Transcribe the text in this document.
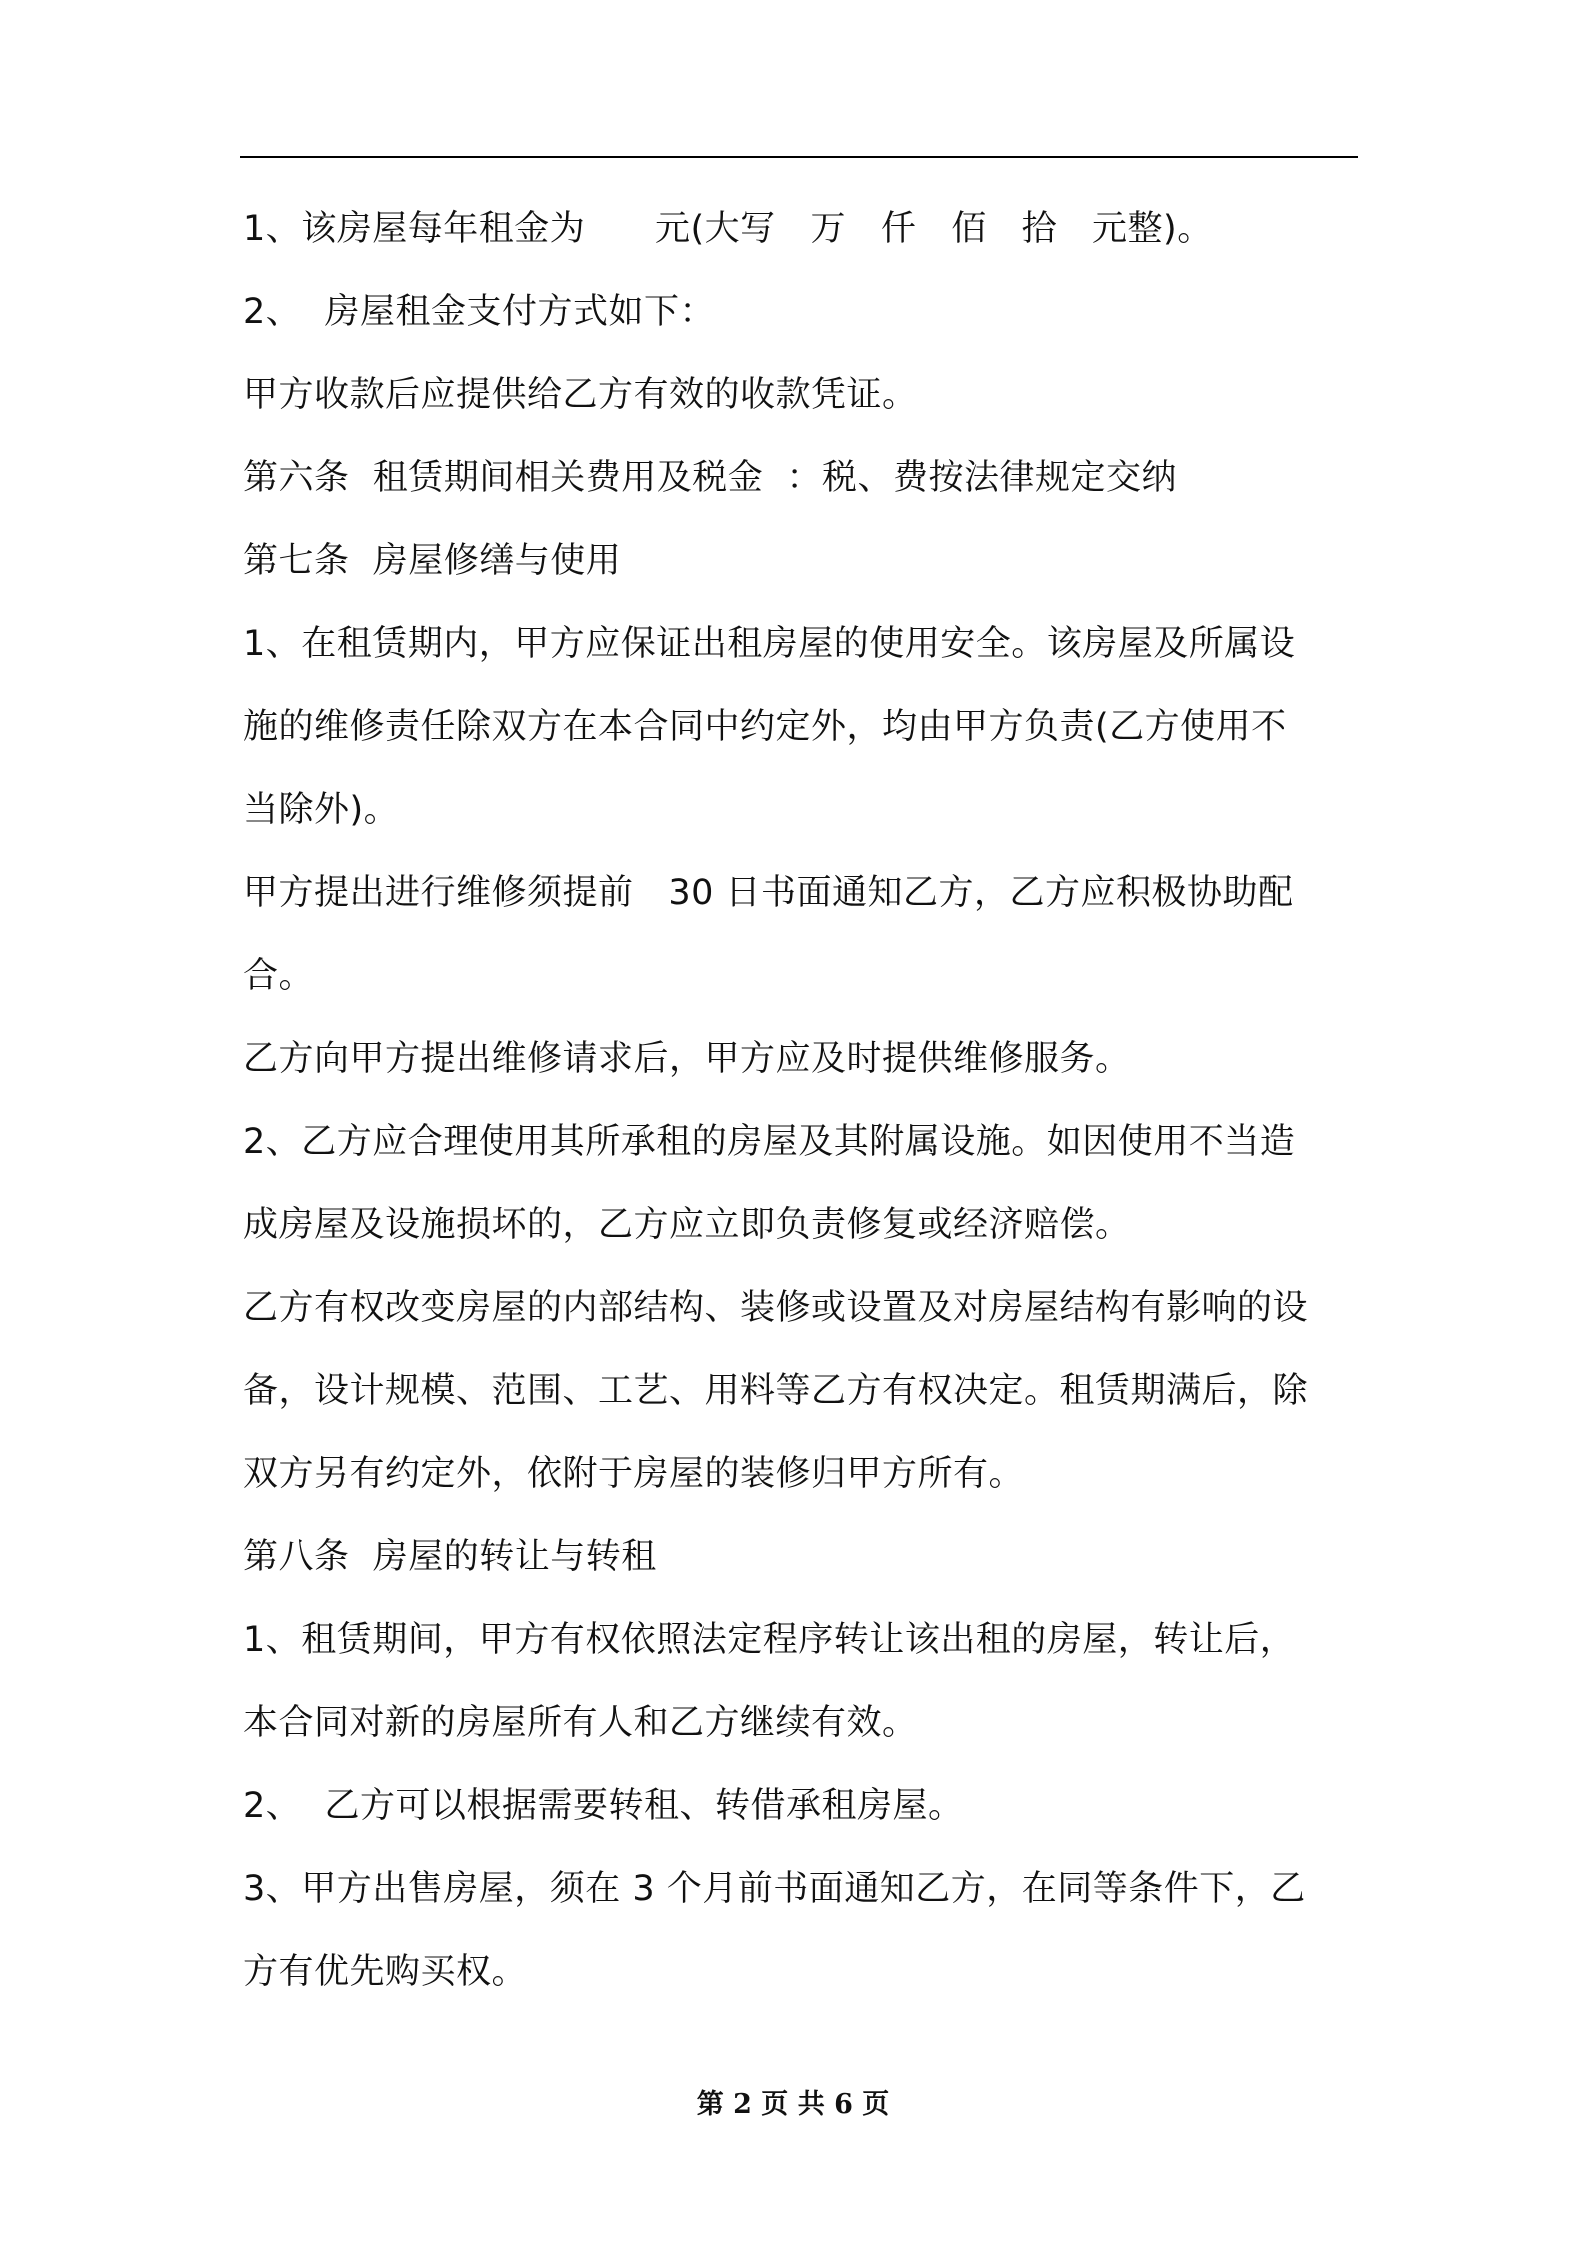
1、该房屋每年租金为      元(大写   万   仟   佰   拾   元整)。
2、  房屋租金支付方式如下：
甲方收款后应提供给乙方有效的收款凭证。
第六条  租赁期间相关费用及税金  ：税、费按法律规定交纳
第七条  房屋修缮与使用
1、在租赁期内，甲方应保证出租房屋的使用安全。该房屋及所属设
施的维修责任除双方在本合同中约定外，均由甲方负责(乙方使用不
当除外)。
甲方提出进行维修须提前   30 日书面通知乙方，乙方应积极协助配
合。
乙方向甲方提出维修请求后，甲方应及时提供维修服务。
2、乙方应合理使用其所承租的房屋及其附属设施。如因使用不当造
成房屋及设施损坏的，乙方应立即负责修复或经济赔偿。
乙方有权改变房屋的内部结构、装修或设置及对房屋结构有影响的设
备，设计规模、范围、工艺、用料等乙方有权决定。租赁期满后，除
双方另有约定外，依附于房屋的装修归甲方所有。
第八条  房屋的转让与转租
1、租赁期间，甲方有权依照法定程序转让该出租的房屋，转让后，
本合同对新的房屋所有人和乙方继续有效。
2、  乙方可以根据需要转租、转借承租房屋。
3、甲方出售房屋，须在 3 个月前书面通知乙方，在同等条件下，乙
方有优先购买权。
第 2 页 共 6 页
